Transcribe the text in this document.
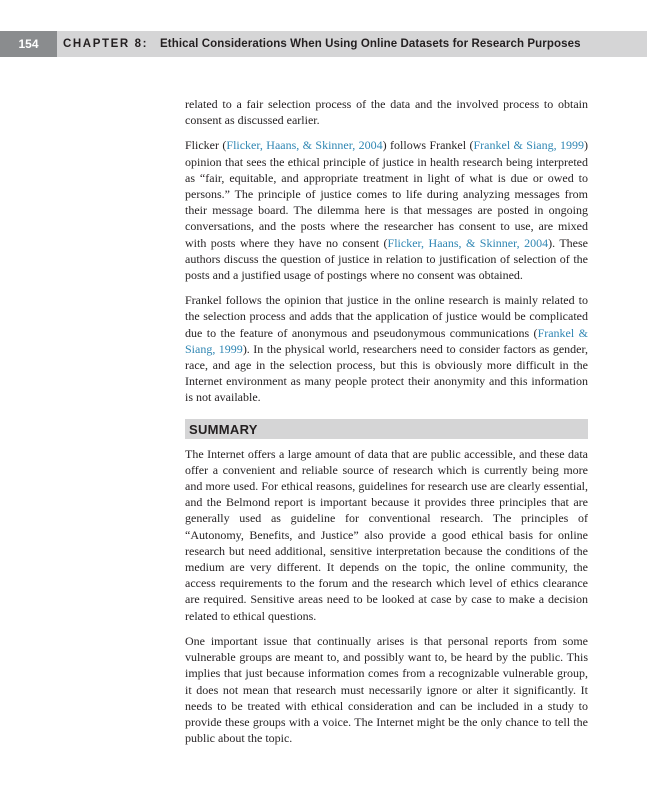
154	CHAPTER 8: Ethical Considerations When Using Online Datasets for Research Purposes

related to a fair selection process of the data and the involved process to obtain consent as discussed earlier.

Flicker (Flicker, Haans, & Skinner, 2004) follows Frankel (Frankel & Siang, 1999) opinion that sees the ethical principle of justice in health research being interpreted as “fair, equitable, and appropriate treatment in light of what is due or owed to persons.” The principle of justice comes to life during analyzing messages from their message board. The dilemma here is that messages are posted in ongoing conversations, and the posts where the researcher has consent to use, are mixed with posts where they have no consent (Flicker, Haans, & Skinner, 2004). These authors discuss the question of justice in relation to justification of selection of the posts and a justified usage of postings where no consent was obtained.

Frankel follows the opinion that justice in the online research is mainly related to the selection process and adds that the application of justice would be complicated due to the feature of anonymous and pseudonymous communications (Frankel & Siang, 1999). In the physical world, researchers need to consider factors as gender, race, and age in the selection process, but this is obviously more difficult in the Internet environment as many people protect their anonymity and this information is not available.

SUMMARY

The Internet offers a large amount of data that are public accessible, and these data offer a convenient and reliable source of research which is currently being more and more used. For ethical reasons, guidelines for research use are clearly essential, and the Belmond report is important because it provides three principles that are generally used as guideline for conventional research. The principles of “Autonomy, Benefits, and Justice” also provide a good ethical basis for online research but need additional, sensitive interpretation because the conditions of the medium are very different. It depends on the topic, the online community, the access requirements to the forum and the research which level of ethics clearance are required. Sensitive areas need to be looked at case by case to make a decision related to ethical questions.

One important issue that continually arises is that personal reports from some vulnerable groups are meant to, and possibly want to, be heard by the public. This implies that just because information comes from a recognizable vulnerable group, it does not mean that research must necessarily ignore or alter it significantly. It needs to be treated with ethical consideration and can be included in a study to provide these groups with a voice. The Internet might be the only chance to tell the public about the topic.
